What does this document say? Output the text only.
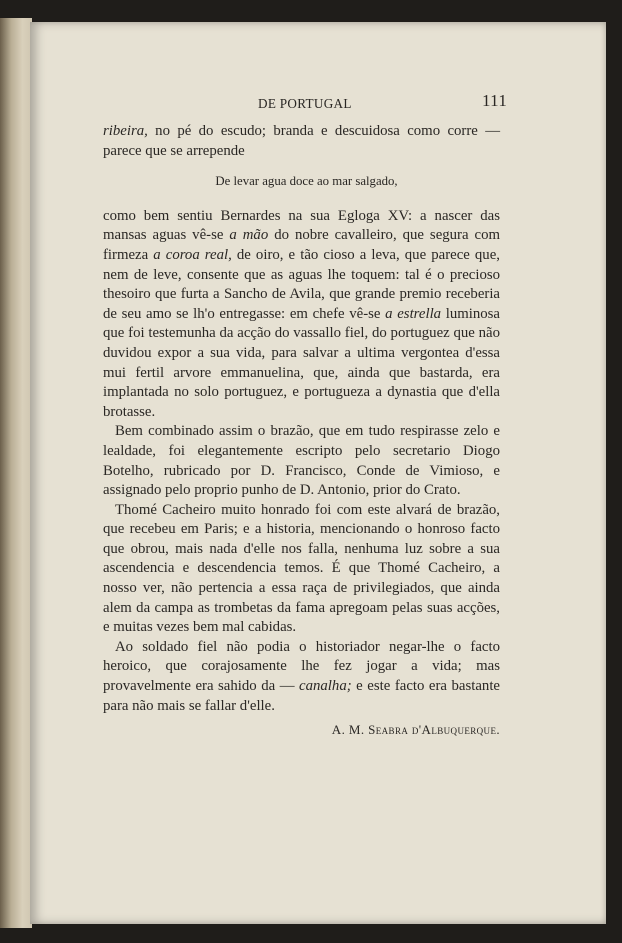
DE PORTUGAL	111

ribeira, no pé do escudo; branda e descuidosa como corre — parece que se arrepende

De levar agua doce ao mar salgado,

como bem sentiu Bernardes na sua Egloga XV: a nascer das mansas aguas vê-se a mão do nobre cavalleiro, que segura com firmeza a coroa real, de oiro, e tão cioso a leva, que parece que, nem de leve, consente que as aguas lhe toquem: tal é o precioso thesoiro que furta a Sancho de Avila, que grande premio receberia de seu amo se lh'o entregasse: em chefe vê-se a estrella luminosa que foi testemunha da acção do vassallo fiel, do portuguez que não duvidou expor a sua vida, para salvar a ultima vergontea d'essa mui fertil arvore emmanuelina, que, ainda que bastarda, era implantada no solo portuguez, e portugueza a dynastia que d'ella brotasse.

Bem combinado assim o brazão, que em tudo respirasse zelo e lealdade, foi elegantemente escripto pelo secretario Diogo Botelho, rubricado por D. Francisco, Conde de Vimioso, e assignado pelo proprio punho de D. Antonio, prior do Crato.

Thomé Cacheiro muito honrado foi com este alvará de brazão, que recebeu em Paris; e a historia, mencionando o honroso facto que obrou, mais nada d'elle nos falla, nenhuma luz sobre a sua ascendencia e descendencia temos. É que Thomé Cacheiro, a nosso ver, não pertencia a essa raça de privilegiados, que ainda alem da campa as trombetas da fama apregoam pelas suas acções, e muitas vezes bem mal cabidas.

Ao soldado fiel não podia o historiador negar-lhe o facto heroico, que corajosamente lhe fez jogar a vida; mas provavelmente era sahido da — canalha; e este facto era bastante para não mais se fallar d'elle.

A. M. Seabra d'Albuquerque.
